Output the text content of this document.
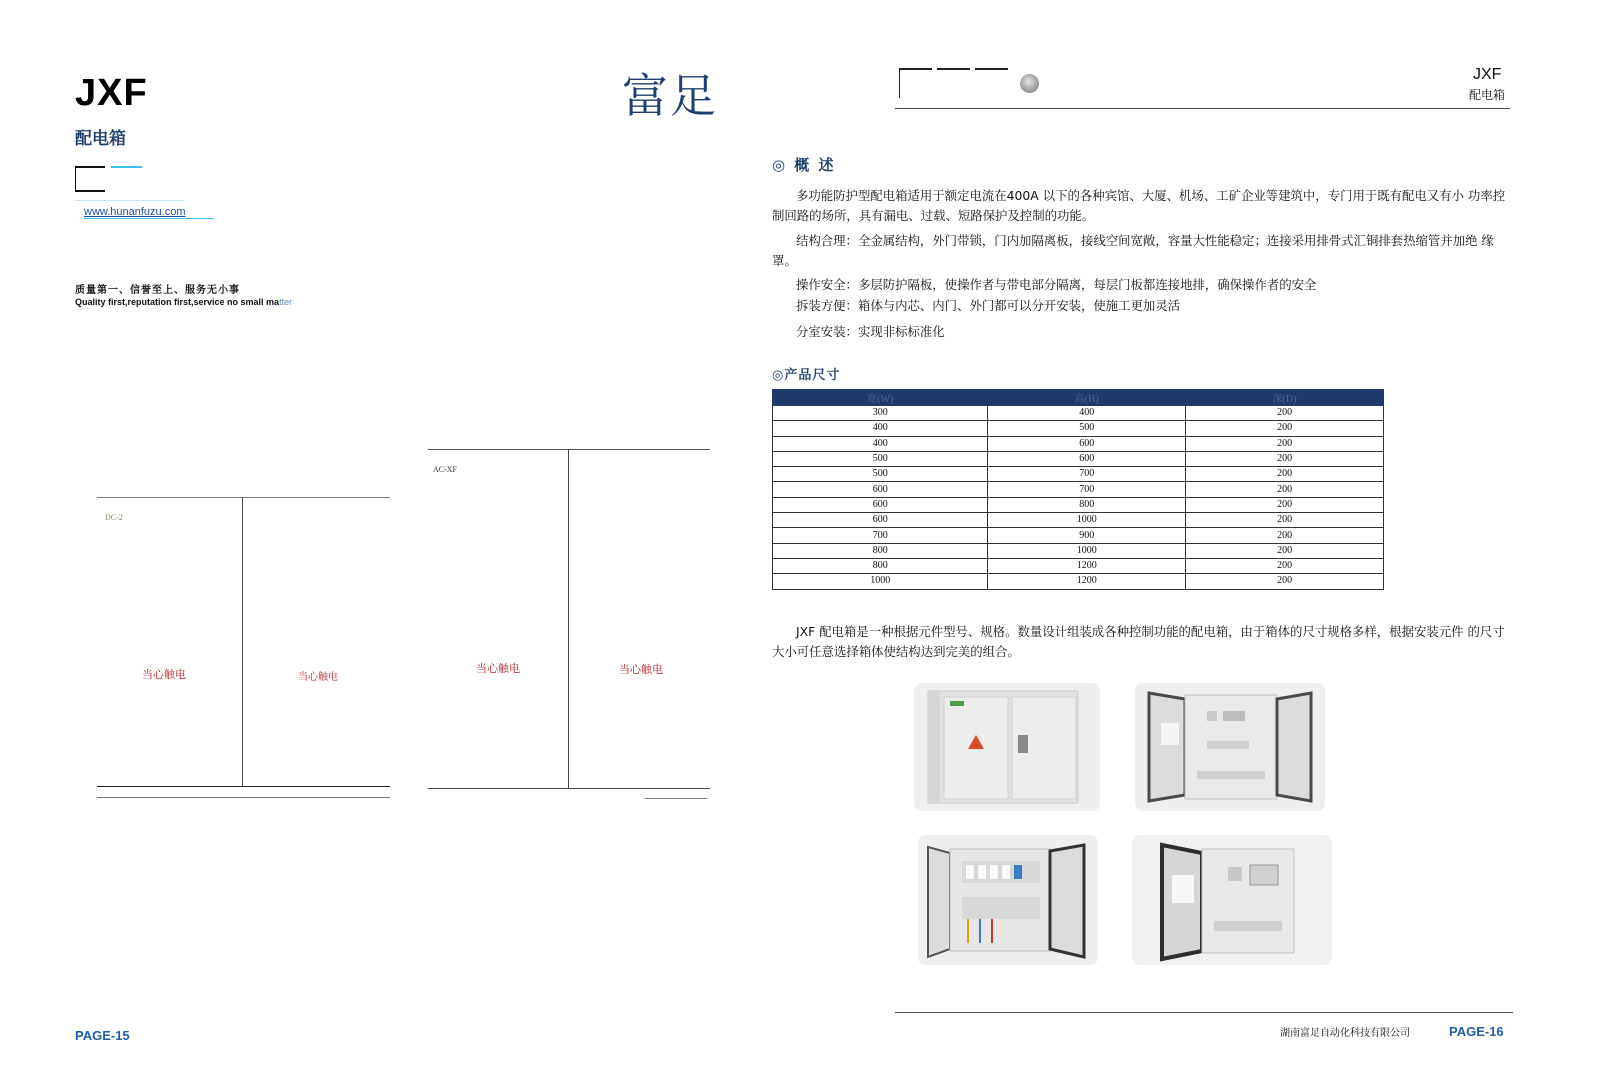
JXF
配电箱
www.hunanfuzu.com
富足
质量第一、信誉至上、服务无小事
Quality first,reputation first,service no small matter
DC-2
当心触电	当心触电
AC-XF
当心触电	当心触电
PAGE-15
JXF
配电箱
◎ 概 述
多功能防护型配电箱适用于额定电流在400A 以下的各种宾馆、大厦、机场、工矿企业等建筑中，专门用于既有配电又有小 功率控制回路的场所，具有漏电、过载、短路保护及控制的功能。
结构合理：全金属结构，外门带锁，门内加隔离板，接线空间宽敞，容量大性能稳定；连接采用排骨式汇铜排套热缩管并加绝 缘罩。
操作安全：多层防护隔板，使操作者与带电部分隔离，每层门板都连接地排，确保操作者的安全
拆装方便：箱体与内芯、内门、外门都可以分开安装，使施工更加灵活
分室安装：实现非标标准化
◎产品尺寸
宽(W)	高(H)	深(D)
300	400	200
400	500	200
400	600	200
500	600	200
500	700	200
600	700	200
600	800	200
600	1000	200
700	900	200
800	1000	200
800	1200	200
1000	1200	200
JXF 配电箱是一种根据元件型号、规格。数量设计组装成各种控制功能的配电箱，由于箱体的尺寸规格多样，根据安装元件 的尺寸大小可任意选择箱体使结构达到完美的组合。
湖南富足自动化科技有限公司	PAGE-16
